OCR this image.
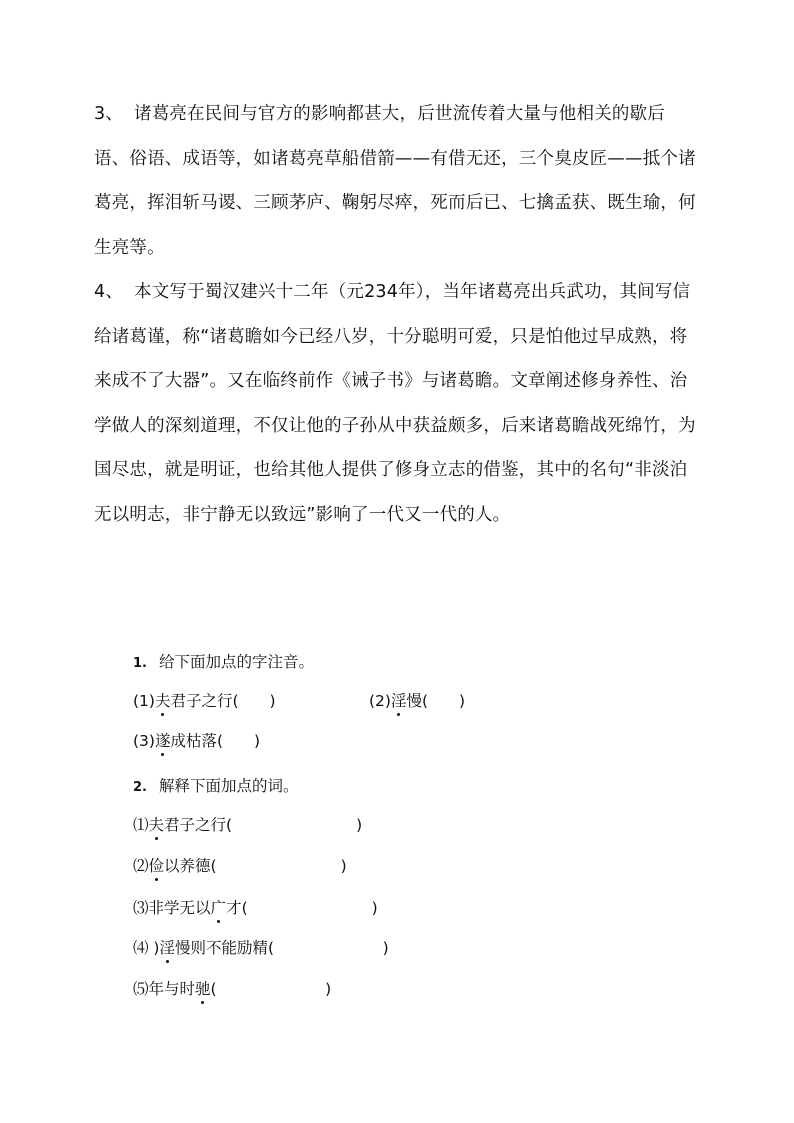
3、 诸葛亮在民间与官方的影响都甚大，后世流传着大量与他相关的歇后语、俗语、成语等，如诸葛亮草船借箭——有借无还，三个臭皮匠——抵个诸葛亮，挥泪斩马谡、三顾茅庐、鞠躬尽瘁，死而后已、七擒孟获、既生瑜，何生亮等。

4、 本文写于蜀汉建兴十二年（元234年），当年诸葛亮出兵武功，其间写信给诸葛谨，称“诸葛瞻如今已经八岁，十分聪明可爱，只是怕他过早成熟，将来成不了大器”。又在临终前作《诫子书》与诸葛瞻。文章阐述修身养性、治学做人的深刻道理，不仅让他的子孙从中获益颇多，后来诸葛瞻战死绵竹，为国尽忠，就是明证，也给其他人提供了修身立志的借鉴，其中的名句“非淡泊无以明志，非宁静无以致远”影响了一代又一代的人。

1. 给下面加点的字注音。
(1)夫君子之行(　　)	(2)淫慢(　　)
(3)遂成枯落(　　)
2. 解释下面加点的词。
⑴夫君子之行(　　　　　　　　)
⑵俭以养德(　　　　　　　　)
⑶非学无以广才(　　　　　　　　)
⑷ )淫慢则不能励精(　　　　　　　)
⑸年与时驰(　　　　　　　)
